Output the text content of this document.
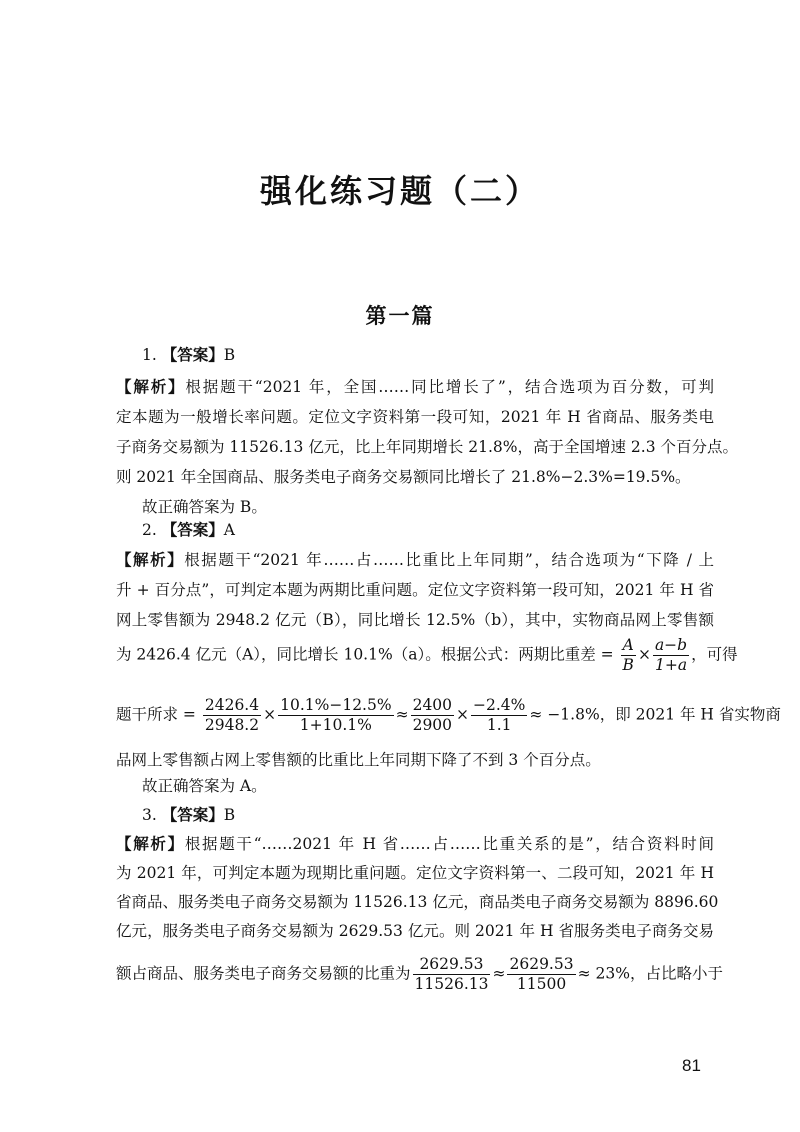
强化练习题（二）
第一篇
1. 【答案】B
【解析】根据题干“2021 年，全国……同比增长了”，结合选项为百分数，可判
定本题为一般增长率问题。定位文字资料第一段可知，2021 年 H 省商品、服务类电
子商务交易额为 11526.13 亿元，比上年同期增长 21.8%，高于全国增速 2.3 个百分点。
则 2021 年全国商品、服务类电子商务交易额同比增长了 21.8%−2.3%=19.5%。
故正确答案为 B。
2. 【答案】A
【解析】根据题干“2021 年……占……比重比上年同期”，结合选项为“下降 / 上
升 + 百分点”，可判定本题为两期比重问题。定位文字资料第一段可知，2021 年 H 省
网上零售额为 2948.2 亿元（B），同比增长 12.5%（b），其中，实物商品网上零售额
为 2426.4 亿元（A），同比增长 10.1%（a）。根据公式：两期比重差 = $\frac{A}{B} \times \frac{a-b}{1+a}$ ，可得
题干所求 = $\frac{2426.4}{2948.2} \times \frac{10.1\%-12.5\%}{1+10.1\%} \approx \frac{2400}{2900} \times \frac{-2.4\%}{1.1} \approx -1.8\%$，即 2021 年 H 省实物商
品网上零售额占网上零售额的比重比上年同期下降了不到 3 个百分点。
故正确答案为 A。
3. 【答案】B
【解析】根据题干“……2021 年 H 省……占……比重关系的是”，结合资料时间
为 2021 年，可判定本题为现期比重问题。定位文字资料第一、二段可知，2021 年 H
省商品、服务类电子商务交易额为 11526.13 亿元，商品类电子商务交易额为 8896.60
亿元，服务类电子商务交易额为 2629.53 亿元。则 2021 年 H 省服务类电子商务交易
额占商品、服务类电子商务交易额的比重为 $\frac{2629.53}{11526.13} \approx \frac{2629.53}{11500} \approx 23\%$，占比略小于
81
